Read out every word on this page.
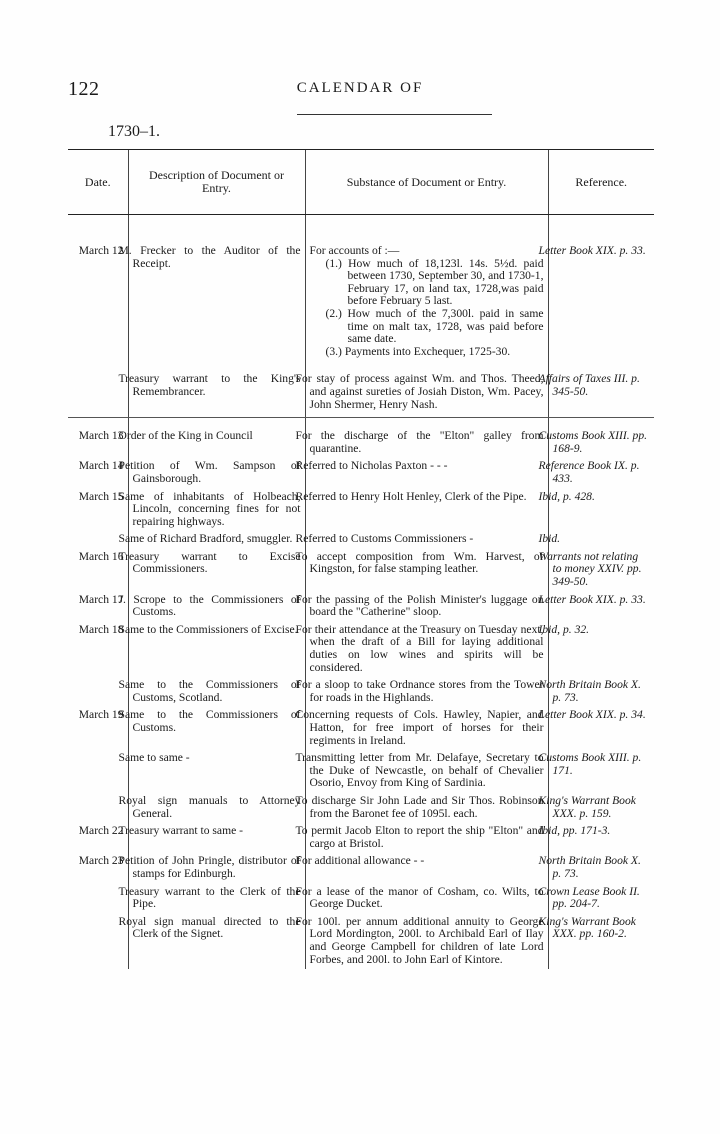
122	CALENDAR OF
1730–1.
Date.	Description of Document or Entry.	Substance of Document or Entry.	Reference.
March 12	M. Frecker to the Auditor of the Receipt.	For accounts of :—
(1.) How much of 18,123l. 14s. 5½d. paid between 1730, September 30, and 1730-1, February 17, on land tax, 1728,was paid before February 5 last.
(2.) How much of the 7,300l. paid in same time on malt tax, 1728, was paid before same date.
(3.) Payments into Exchequer, 1725-30.	Letter Book XIX. p. 33.
	Treasury warrant to the King's Remembrancer.	For stay of process against Wm. and Thos. Theed, and against sureties of Josiah Diston, Wm. Pacey, John Shermer, Henry Nash.	Affairs of Taxes III. p. 345-50.
March 13	Order of the King in Council	For the discharge of the "Elton" galley from quarantine.	Customs Book XIII. pp. 168-9.
March 14	Petition of Wm. Sampson of Gainsborough.	Referred to Nicholas Paxton - - -	Reference Book IX. p. 433.
March 15	Same of inhabitants of Holbeach, Lincoln, concerning fines for not repairing highways.	Referred to Henry Holt Henley, Clerk of the Pipe.	Ibid, p. 428.
	Same of Richard Bradford, smuggler.	Referred to Customs Commissioners -	Ibid.
March 16	Treasury warrant to Excise Commissioners.	To accept composition from Wm. Harvest, of Kingston, for false stamping leather.	Warrants not relating to money XXIV. pp. 349-50.
March 17	J. Scrope to the Commissioners of Customs.	For the passing of the Polish Minister's luggage on board the "Catherine" sloop.	Letter Book XIX. p. 33.
March 18	Same to the Commissioners of Excise.	For their attendance at the Treasury on Tuesday next, when the draft of a Bill for laying additional duties on low wines and spirits will be considered.	Ibid, p. 32.
	Same to the Commissioners of Customs, Scotland.	For a sloop to take Ordnance stores from the Tower for roads in the Highlands.	North Britain Book X. p. 73.
March 19	Same to the Commissioners of Customs.	Concerning requests of Cols. Hawley, Napier, and Hatton, for free import of horses for their regiments in Ireland.	Letter Book XIX. p. 34.
	Same to same -	Transmitting letter from Mr. Delafaye, Secretary to the Duke of Newcastle, on behalf of Chevalier Osorio, Envoy from King of Sardinia.	Customs Book XIII. p. 171.
	Royal sign manuals to Attorney General.	To discharge Sir John Lade and Sir Thos. Robinson from the Baronet fee of 1095l. each.	King's Warrant Book XXX. p. 159.
March 22	Treasury warrant to same -	To permit Jacob Elton to report the ship "Elton" and cargo at Bristol.	Ibid, pp. 171-3.
March 23	Petition of John Pringle, distributor of stamps for Edinburgh.	For additional allowance - -	North Britain Book X. p. 73.
	Treasury warrant to the Clerk of the Pipe.	For a lease of the manor of Cosham, co. Wilts, to George Ducket.	Crown Lease Book II. pp. 204-7.
	Royal sign manual directed to the Clerk of the Signet.	For 100l. per annum additional annuity to George Lord Mordington, 200l. to Archibald Earl of Ilay and George Campbell for children of late Lord Forbes, and 200l. to John Earl of Kintore.	King's Warrant Book XXX. pp. 160-2.
